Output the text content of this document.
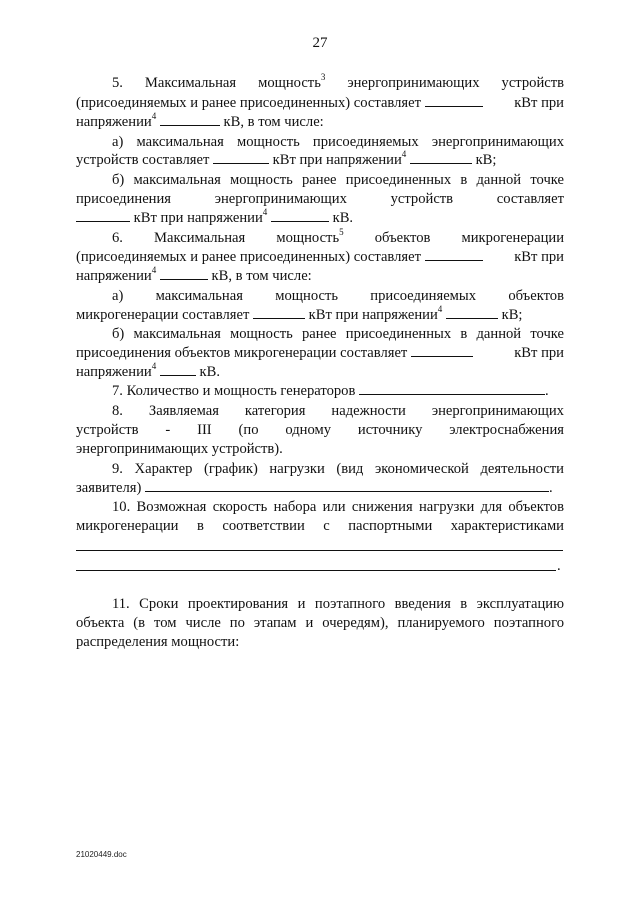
27
5. Максимальная мощность$^3$ энергопринимающих устройств
(присоединяемых и ранее присоединенных) составляет	кВт при
напряжении$^4$	кВ, в том числе:
а) максимальная мощность присоединяемых энергопринимающих
устройств составляет	кВт при напряжении$^4$	кВ;
б) максимальная мощность ранее присоединенных в данной точке
присоединения	энергопринимающих	устройств	составляет
кВт при напряжении$^4$	кВ.
6. Максимальная мощность$^5$ объектов микрогенерации
(присоединяемых и ранее присоединенных) составляет	кВт при
напряжении$^4$	кВ, в том числе:
а) максимальная мощность присоединяемых объектов
микрогенерации составляет	кВт при напряжении$^4$	кВ;
б) максимальная мощность ранее присоединенных в данной точке
присоединения объектов микрогенерации составляет	кВт при
напряжении$^4$	кВ.
7. Количество и мощность генераторов	.
8. Заявляемая категория надежности энергопринимающих
устройств - III (по одному источнику электроснабжения
энергопринимающих устройств).
9. Характер (график) нагрузки (вид экономической деятельности
заявителя)	.
10. Возможная скорость набора или снижения нагрузки для объектов
микрогенерации в соответствии с паспортными характеристиками
.
11. Сроки проектирования и поэтапного введения в эксплуатацию
объекта (в том числе по этапам и очередям), планируемого поэтапного
распределения мощности:
21020449.doc
